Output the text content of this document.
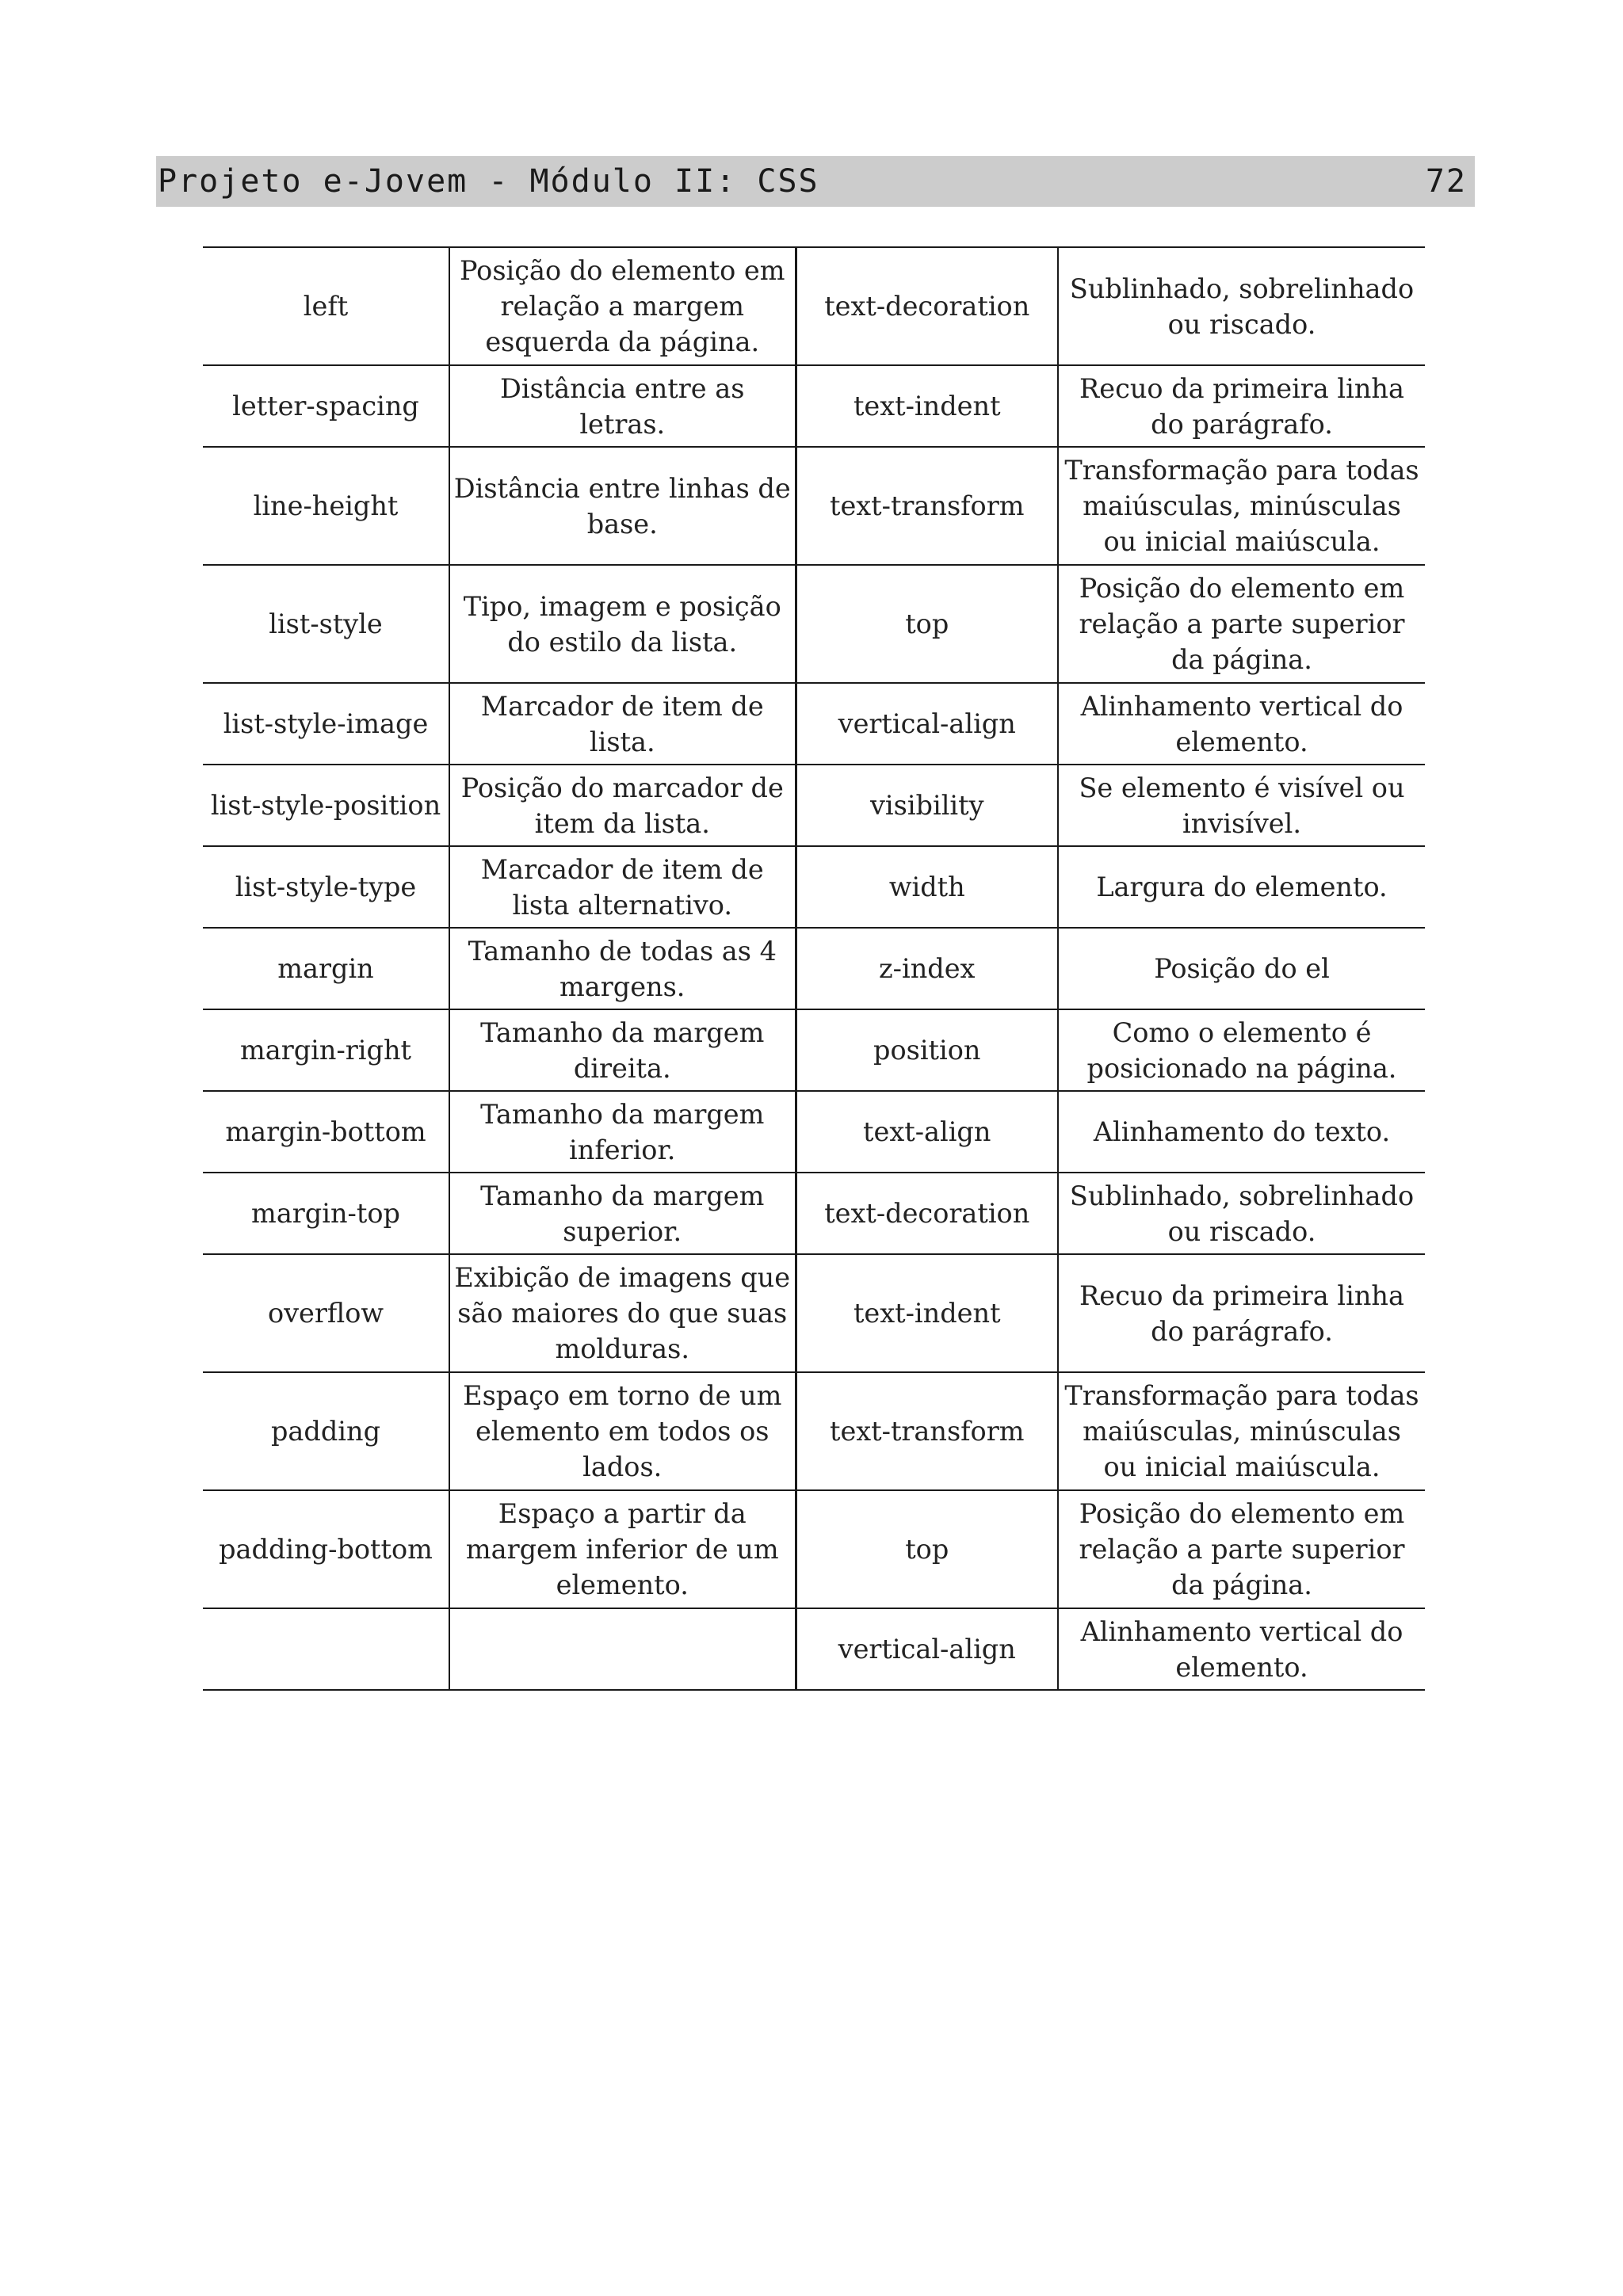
Projeto e-Jovem - Módulo II: CSS	72
left	Posição do elemento em relação a margem esquerda da página.	text-decoration	Sublinhado, sobrelinhado ou riscado.
letter-spacing	Distância entre as letras.	text-indent	Recuo da primeira linha do parágrafo.
line-height	Distância entre linhas de base.	text-transform	Transformação para todas maiúsculas, minúsculas ou inicial maiúscula.
list-style	Tipo, imagem e posição do estilo da lista.	top	Posição do elemento em relação a parte superior da página.
list-style-image	Marcador de item de lista.	vertical-align	Alinhamento vertical do elemento.
list-style-position	Posição do marcador de item da lista.	visibility	Se elemento é visível ou invisível.
list-style-type	Marcador de item de lista alternativo.	width	Largura do elemento.
margin	Tamanho de todas as 4 margens.	z-index	Posição do el
margin-right	Tamanho da margem direita.	position	Como o elemento é posicionado na página.
margin-bottom	Tamanho da margem inferior.	text-align	Alinhamento do texto.
margin-top	Tamanho da margem superior.	text-decoration	Sublinhado, sobrelinhado ou riscado.
overflow	Exibição de imagens que são maiores do que suas molduras.	text-indent	Recuo da primeira linha do parágrafo.
padding	Espaço em torno de um elemento em todos os lados.	text-transform	Transformação para todas maiúsculas, minúsculas ou inicial maiúscula.
padding-bottom	Espaço a partir da margem inferior de um elemento.	top	Posição do elemento em relação a parte superior da página.
		vertical-align	Alinhamento vertical do elemento.
